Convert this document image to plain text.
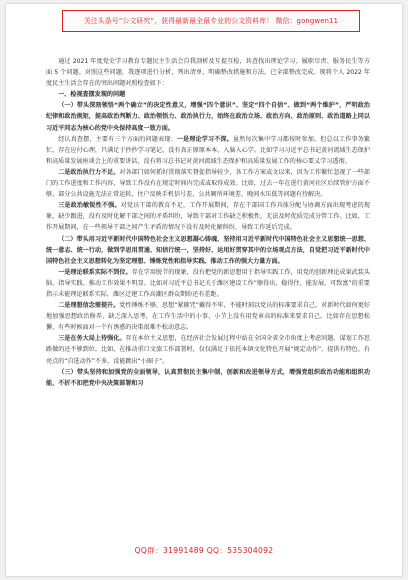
关注头条号“公文研究”，获得最新最全最专业的公文资料库！ 微信：gongwen11

通过 2021 年度党史学习教育专题民主生活会自我剖析及互提互检，共查找出理论学习、履职尽责、服务民生等方面 5 个问题。对照这些问题，我逐项进行分析，列出清单，明确整改措施和方法，已全部整改完成。现将个人 2022 年度民主生活会存在的突出问题对照检查如下：

一、检视查摆发现的问题

（一）带头深刻领悟“两个确立”的决定性意义，增强“四个意识”、坚定“四个自信”、做到“两个维护”，严明政治纪律和政治规矩，提高政治判断力、政治领悟力、政治执行力，始终在政治立场、政治方向、政治原则、政治道路上同以习近平同志为核心的党中央保持高度一致方面。

经认真查摆，主要有三个方面的问题表现：一是理论学习不深。虽然每次集中学习都按时参加，但总以工作事务繁忙，存在应付心理，只满足于抄抄学习笔记，没有真正原原本本、入脑入心学。比如学习习近平总书记黄河流域生态保护和高质量发展座谈会上的重要讲话，没有将习总书记对黄河流域生态保护和高质量发展工作的核心要义学习透彻。

二是政治执行力不足。对各部门如何抓好贯彻落实督促指导较少，各工作方案或文以来，因为工作繁忙忽视了一些部门的工作进度和工作内容，导致工作没有在规定时间内完成或取得成效。比如，过去一年在进行黄河社区后续管护方面不够，部分公共设施无法正常运转，住户反映手机信号差、公共厕所环境差、晚间水压低等问题有待解决。

三是政治敏锐性不强。对党员干部的教育不足，工作开展期间，存在干部国工作具体分配与协调方面出现考虑的现象，缺少跟进，没有及时化解干部之间的矛盾纠纷，导致干部对工作缺乏积极性，无法及时优质完成分管工作。比如，工作开展期间，在一些领导干部之间产生矛盾的情况下没有及时化解纠纷，导致工作延后完成。

（二）带头用习近平新时代中国特色社会主义思想凝心铸魂，坚持用习近平新时代中国特色社会主义思想统一思想、统一意志、统一行动，做到学思用贯通、知信行统一，坚持好、运用好贯穿其中的立场观点方法，自觉把习近平新时代中国特色社会主义思想转化为坚定理想、锤炼党性和指导实践、推动工作的强大力量方面。

一是理论联系实际不到位。存在学用脱节的现象，没有把党的新思想用于指导实践工作，用党的创新理论成果武装头脑、指导实践、推动工作效果不明显。比如对习近平总书记关于潍区建设工作“擦得出、稳得住、能发展、可致富”的重要指示未能理论联系实际，潍区迁建工作高潮区群众期盼还有差距。

二是理想信念需提升。党性锤炼不够，思想“紧箍咒”戴得不牢，不能时刻以党员的标准要求自己，对新时代如何更好地加强思想政治修养，缺乏深入思考，在工作生活中的小事、小节上没有用党章高的标准来要求自己。比如存在思想松懈，有些时候面对一个有诱惑的决策很难不松动意志。

三是在务大局上待强化。存在本位主义思想，在经济社会发展过程中站在全国全省全市角度上考虑问题、谋划工作思路做的还不够到位。比如，在推动重口文旅工作部署时，仅仅满足于依托本镇文化特色开展“规定动作”，提供有特色、有亮点的“自选动作”不多，没能跳出“小圈子”。

（三）带头坚持和加强党的全面领导，认真贯彻民主集中制，创新和改进领导方式，增强党组织政治功能和组织功能，不折不扣把党中央决策部署和习

QQ群：31991489 QQ：535304092
